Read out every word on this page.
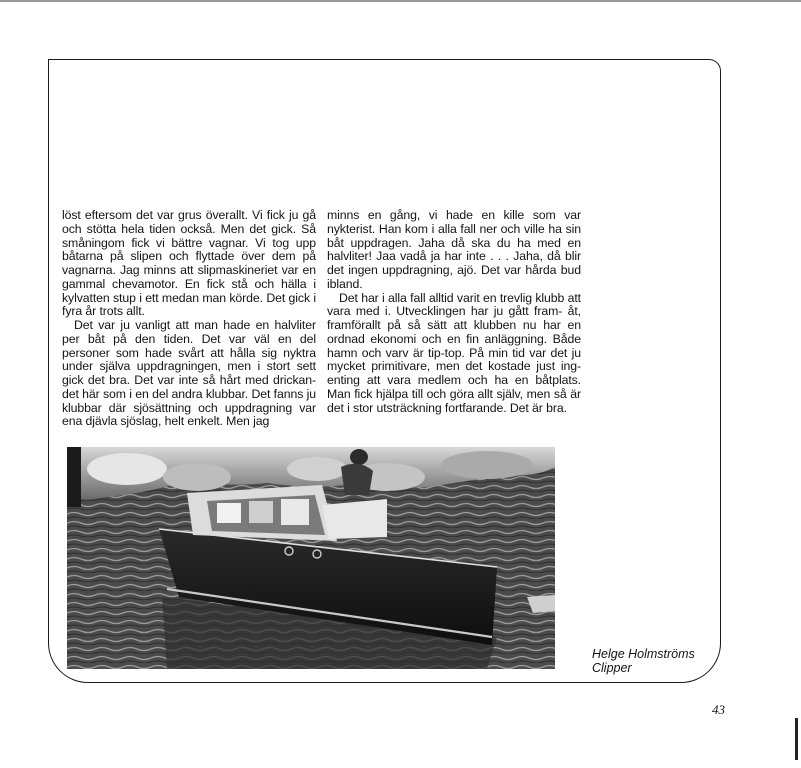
löst eftersom det var grus överallt. Vi fick ju gå och stötta hela tiden också. Men det gick. Så småningom fick vi bättre vagnar. Vi tog upp båtarna på slipen och flyttade över dem på vagnarna. Jag minns att slipmaskineriet var en gammal chevamotor. En fick stå och hälla i kylvatten stup i ett medan man körde. Det gick i fyra år trots allt.

Det var ju vanligt att man hade en halvliter per båt på den tiden. Det var väl en del personer som hade svårt att hålla sig nyktra under själva uppdragningen, men i stort sett gick det bra. Det var inte så hårt med drickan- det här som i en del andra klubbar. Det fanns ju klubbar där sjösättning och uppdragning var ena djävla sjöslag, helt enkelt. Men jag

minns en gång, vi hade en kille som var nykterist. Han kom i alla fall ner och ville ha sin båt uppdragen. Jaha då ska du ha med en halvliter! Jaa vadå ja har inte . . . Jaha, då blir det ingen uppdragning, ajö. Det var hårda bud ibland.

Det har i alla fall alltid varit en trevlig klubb att vara med i. Utvecklingen har ju gått fram- åt, framförallt på så sätt att klubben nu har en ordnad ekonomi och en fin anläggning. Både hamn och varv är tip-top. På min tid var det ju mycket primitivare, men det kostade just ing- enting att vara medlem och ha en båtplats. Man fick hjälpa till och göra allt själv, men så är det i stor utsträckning fortfarande. Det är bra.

Helge Holmströms
Clipper
43
